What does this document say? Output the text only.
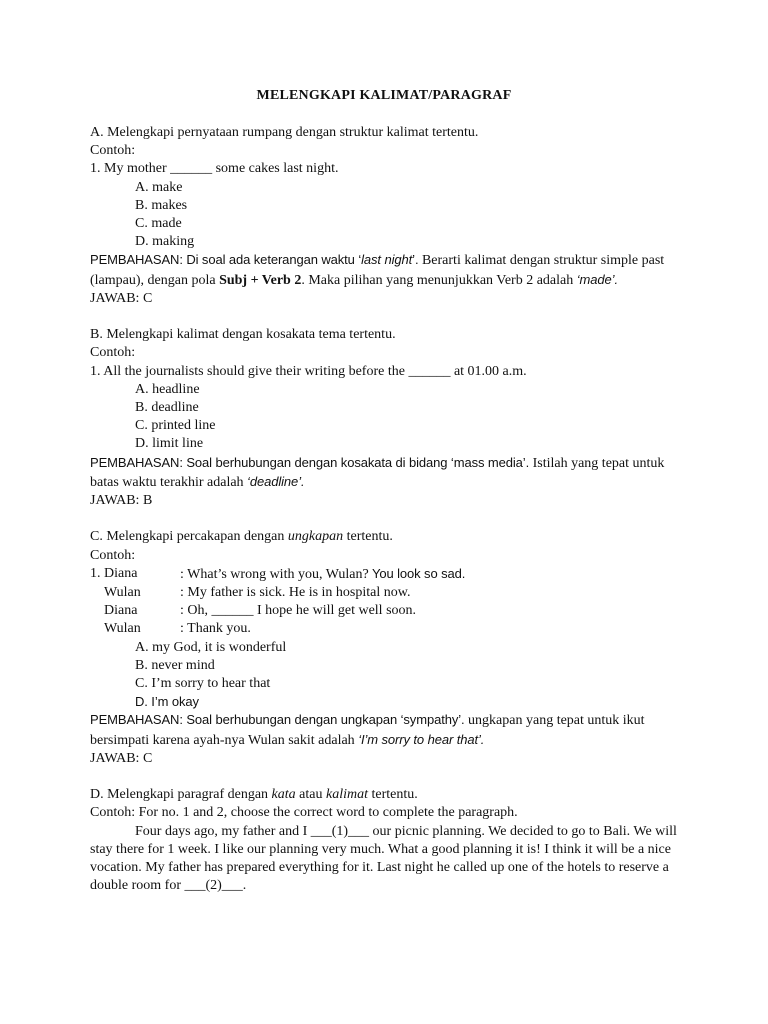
MELENGKAPI KALIMAT/PARAGRAF

A. Melengkapi pernyataan rumpang dengan struktur kalimat tertentu.

Contoh:

1. My mother ______ some cakes last night.

A. make

B. makes

C. made

D. making

PEMBAHASAN: Di soal ada keterangan waktu ‘last night’. Berarti kalimat dengan struktur simple past

(lampau), dengan pola Subj + Verb 2. Maka pilihan yang menunjukkan Verb 2 adalah ‘made’.

JAWAB: C

B. Melengkapi kalimat dengan kosakata tema tertentu.

Contoh:

1. All the journalists should give their writing before the ______ at 01.00 a.m.

A. headline

B. deadline

C. printed line

D. limit line

PEMBAHASAN: Soal berhubungan dengan kosakata di bidang ‘mass media’. Istilah yang tepat untuk

batas waktu terakhir adalah ‘deadline’.

JAWAB: B

C. Melengkapi percakapan dengan ungkapan tertentu.

Contoh:

1. Diana	: What’s wrong with you, Wulan? You look so sad.

Wulan	: My father is sick. He is in hospital now.

Diana	: Oh, ______ I hope he will get well soon.

Wulan	: Thank you.

A. my God, it is wonderful

B. never mind

C. I’m sorry to hear that

D. I’m okay

PEMBAHASAN: Soal berhubungan dengan ungkapan ‘sympathy’. ungkapan yang tepat untuk ikut

bersimpati karena ayah-nya Wulan sakit adalah ‘I’m sorry to hear that’.

JAWAB: C

D. Melengkapi paragraf dengan kata atau kalimat tertentu.

Contoh: For no. 1 and 2, choose the correct word to complete the paragraph.

Four days ago, my father and I ___(1)___ our picnic planning. We decided to go to Bali. We will

stay there for 1 week. I like our planning very much. What a good planning it is! I think it will be a nice

vocation. My father has prepared everything for it. Last night he called up one of the hotels to reserve a

double room for ___(2)___.
